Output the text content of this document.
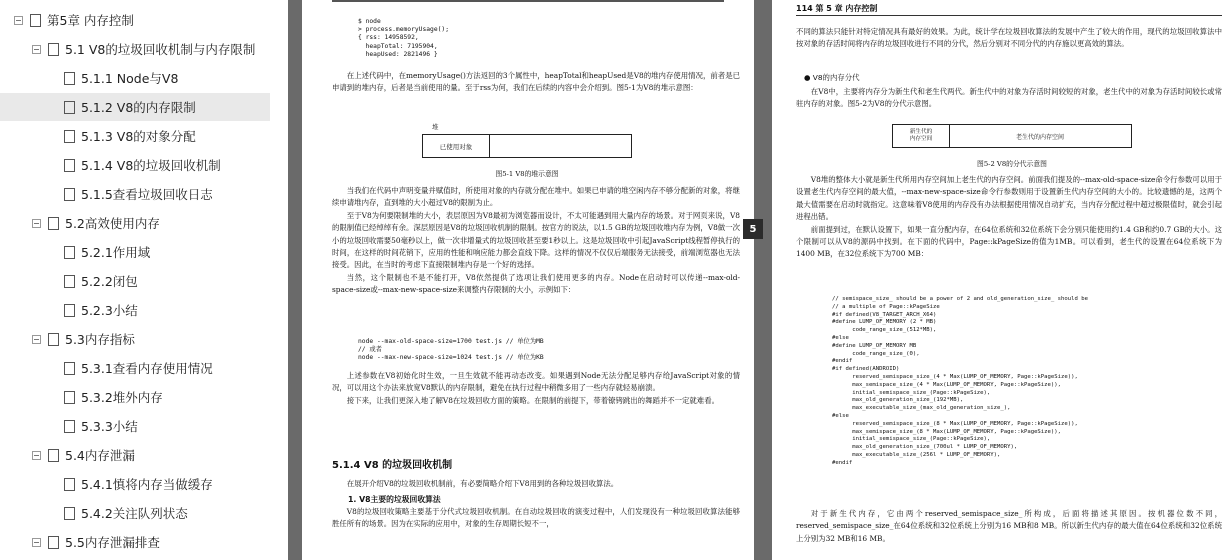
第5章 内存控制
5.1 V8的垃圾回收机制与内存限制
5.1.1 Node与V8
5.1.2 V8的内存限制
5.1.3 V8的对象分配
5.1.4 V8的垃圾回收机制
5.1.5查看垃圾回收日志
5.2高效使用内存
5.2.1作用域
5.2.2闭包
5.2.3小结
5.3内存指标
5.3.1查看内存使用情况
5.3.2堆外内存
5.3.3小结
5.4内存泄漏
5.4.1慎将内存当做缓存
5.4.2关注队列状态
5.5内存泄漏排查
$ node
> process.memoryUsage();
{ rss: 14958592,
heapTotal: 7195904,
heapUsed: 2821496 }

在上述代码中，在memoryUsage()方法返回的3个属性中，heapTotal和heapUsed是V8的堆内存使用情况，前者是已申请到的堆内存，后者是当前使用的量。至于rss为何，我们在后续的内容中会介绍到。图5-1为V8的堆示意图：

堆
已使用对象
图5-1 V8的堆示意图

当我们在代码中声明变量并赋值时，所使用对象的内存就分配在堆中。如果已申请的堆空闲内存不够分配新的对象，将继续申请堆内存，直到堆的大小超过V8的限制为止。

至于V8为何要限制堆的大小，表层原因为V8最初为浏览器而设计，不太可能遇到用大量内存的场景。对于网页来说，V8的限制值已经绰绰有余。深层原因是V8的垃圾回收机制的限制。按官方的说法，以1.5 GB的垃圾回收堆内存为例，V8做一次小的垃圾回收需要50毫秒以上，做一次非增量式的垃圾回收甚至要1秒以上。这是垃圾回收中引起JavaScript线程暂停执行的时间，在这样的时间花销下，应用的性能和响应能力都会直线下降。这样的情况不仅仅后端服务无法接受，前端浏览器也无法接受。因此，在当时的考虑下直接限制堆内存是一个好的选择。

当然，这个限制也不是不能打开，V8依然提供了选项让我们使用更多的内存。Node在启动时可以传递--max-old-space-size或--max-new-space-size来调整内存限制的大小，示例如下：

node --max-old-space-size=1700 test.js // 单位为MB
// 或者
node --max-new-space-size=1024 test.js // 单位为KB

上述参数在V8初始化时生效，一旦生效就不能再动态改变。如果遇到Node无法分配足够内存给JavaScript对象的情况，可以用这个办法来放宽V8默认的内存限制，避免在执行过程中稍微多用了一些内存就轻易崩溃。

接下来，让我们更深入地了解V8在垃圾回收方面的策略。在限制的前提下，带着镣铐跳出的舞蹈并不一定就难看。

5.1.4 V8 的垃圾回收机制

在展开介绍V8的垃圾回收机制前，有必要简略介绍下V8用到的各种垃圾回收算法。

1. V8主要的垃圾回收算法

V8的垃圾回收策略主要基于分代式垃圾回收机制。在自动垃圾回收的演变过程中，人们发现没有一种垃圾回收算法能够胜任所有的场景。因为在实际的应用中，对象的生存周期长短不一，

5
114 第 5 章 内存控制

不同的算法只能针对特定情况具有最好的效果。为此，统计学在垃圾回收算法的发展中产生了较大的作用，现代的垃圾回收算法中按对象的存活时间将内存的垃圾回收进行不同的分代，然后分别对不同分代的内存施以更高效的算法。

● V8的内存分代

在V8中，主要将内存分为新生代和老生代两代。新生代中的对象为存活时间较短的对象，老生代中的对象为存活时间较长或常驻内存的对象。图5-2为V8的分代示意图。

新生代的
内存空间	老生代的内存空间
图5-2 V8的分代示意图

V8堆的整体大小就是新生代所用内存空间加上老生代的内存空间。前面我们提及的--max-old-space-size命令行参数可以用于设置老生代内存空间的最大值，--max-new-space-size命令行参数则用于设置新生代内存空间的大小的。比较遗憾的是，这两个最大值需要在启动时就指定。这意味着V8使用的内存没有办法根据使用情况自动扩充，当内存分配过程中超过极限值时，就会引起进程出错。

前面提到过，在默认设置下，如果一直分配内存，在64位系统和32位系统下会分别只能使用约1.4 GB和约0.7 GB的大小。这个限制可以从V8的源码中找到。在下面的代码中，Page::kPageSize的值为1MB。可以看到，老生代的设置在64位系统下为1400 MB，在32位系统下为700 MB：

// semispace_size_ should be a power of 2 and old_generation_size_ should be
// a multiple of Page::kPageSize
#if defined(V8_TARGET_ARCH_X64)
#define LUMP_OF_MEMORY (2 * MB)
code_range_size_(512*MB),
#else
#define LUMP_OF_MEMORY MB
code_range_size_(0),
#endif
#if defined(ANDROID)
reserved_semispace_size_(4 * Max(LUMP_OF_MEMORY, Page::kPageSize)),
max_semispace_size_(4 * Max(LUMP_OF_MEMORY, Page::kPageSize)),
initial_semispace_size_(Page::kPageSize),
max_old_generation_size_(192*MB),
max_executable_size_(max_old_generation_size_),
#else
reserved_semispace_size_(8 * Max(LUMP_OF_MEMORY, Page::kPageSize)),
max_semispace_size_(8 * Max(LUMP_OF_MEMORY, Page::kPageSize)),
initial_semispace_size_(Page::kPageSize),
max_old_generation_size_(700ul * LUMP_OF_MEMORY),
max_executable_size_(256l * LUMP_OF_MEMORY),
#endif

对于新生代内存，它由两个reserved_semispace_size_所构成，后面将描述其原因。按机器位数不同，reserved_semispace_size_在64位系统和32位系统上分别为16 MB和8 MB。所以新生代内存的最大值在64位系统和32位系统上分别为32 MB和16 MB。
